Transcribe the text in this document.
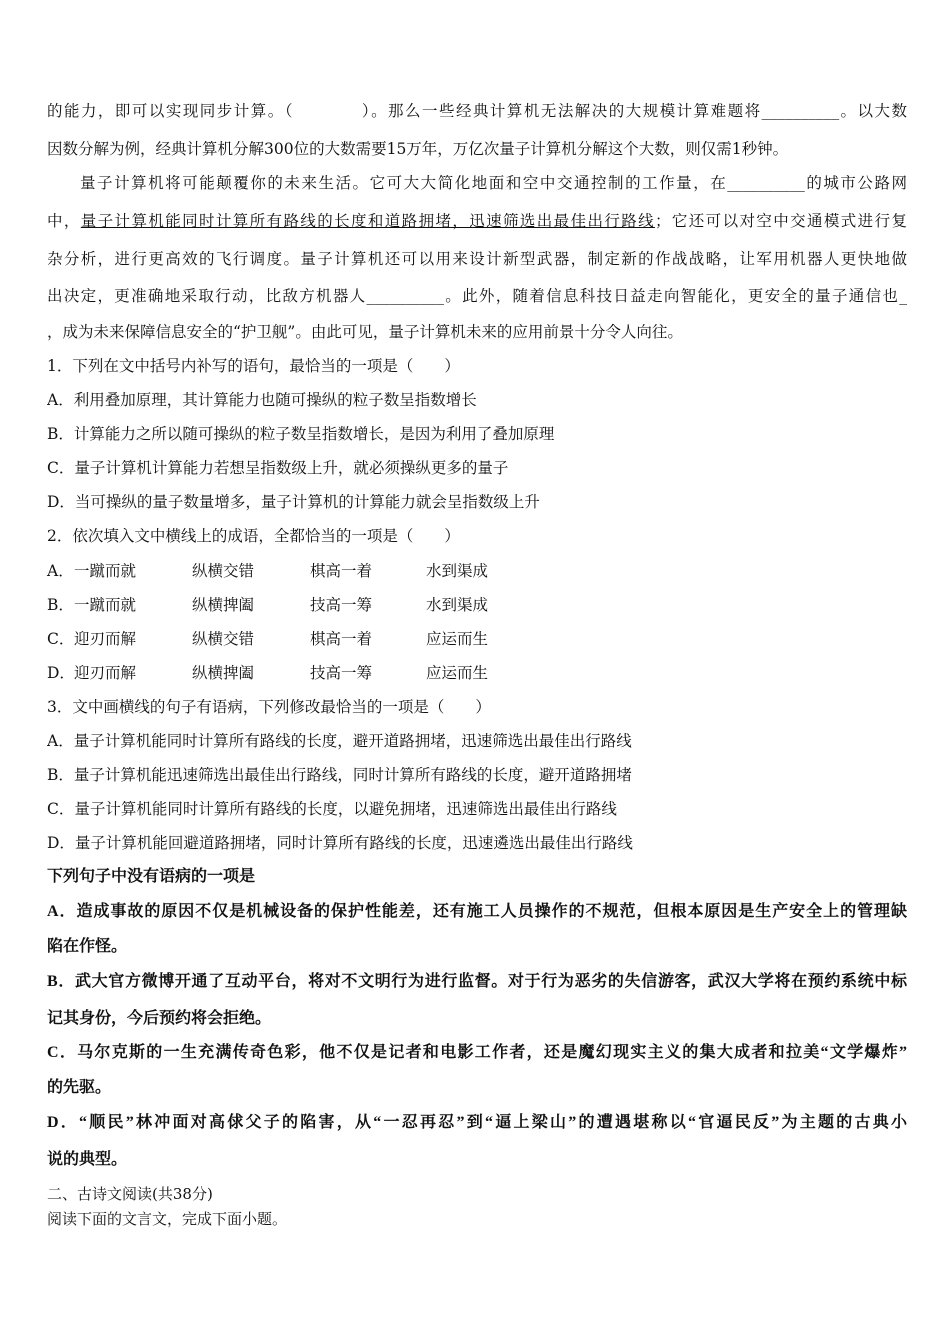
的能力，即可以实现同步计算。（　　　　）。那么一些经典计算机无法解决的大规模计算难题将__________。以大数
因数分解为例，经典计算机分解300位的大数需要15万年，万亿次量子计算机分解这个大数，则仅需1秒钟。
量子计算机将可能颠覆你的未来生活。它可大大简化地面和空中交通控制的工作量，在__________的城市公路网
中，量子计算机能同时计算所有路线的长度和道路拥堵，迅速筛选出最佳出行路线；它还可以对空中交通模式进行复
杂分析，进行更高效的飞行调度。量子计算机还可以用来设计新型武器，制定新的作战战略，让军用机器人更快地做
出决定，更准确地采取行动，比敌方机器人__________。此外，随着信息科技日益走向智能化，更安全的量子通信也_
，成为未来保障信息安全的“护卫舰”。由此可见，量子计算机未来的应用前景十分令人向往。
1．下列在文中括号内补写的语句，最恰当的一项是（　　）
A．利用叠加原理，其计算能力也随可操纵的粒子数呈指数增长
B．计算能力之所以随可操纵的粒子数呈指数增长，是因为利用了叠加原理
C．量子计算机计算能力若想呈指数级上升，就必须操纵更多的量子
D．当可操纵的量子数量增多，量子计算机的计算能力就会呈指数级上升
2．依次填入文中横线上的成语，全都恰当的一项是（　　）
A． 一蹴而就	纵横交错	棋高一着	水到渠成
B． 一蹴而就	纵横捭阖	技高一筹	水到渠成
C． 迎刃而解	纵横交错	棋高一着	应运而生
D． 迎刃而解	纵横捭阖	技高一筹	应运而生
3．文中画横线的句子有语病，下列修改最恰当的一项是（　　）
A．量子计算机能同时计算所有路线的长度，避开道路拥堵，迅速筛选出最佳出行路线
B．量子计算机能迅速筛选出最佳出行路线，同时计算所有路线的长度，避开道路拥堵
C．量子计算机能同时计算所有路线的长度，以避免拥堵，迅速筛选出最佳出行路线
D．量子计算机能回避道路拥堵，同时计算所有路线的长度，迅速遴选出最佳出行路线
下列句子中没有语病的一项是
A．造成事故的原因不仅是机械设备的保护性能差，还有施工人员操作的不规范，但根本原因是生产安全上的管理缺
陷在作怪。
B．武大官方微博开通了互动平台，将对不文明行为进行监督。对于行为恶劣的失信游客，武汉大学将在预约系统中标
记其身份，今后预约将会拒绝。
C．马尔克斯的一生充满传奇色彩，他不仅是记者和电影工作者，还是魔幻现实主义的集大成者和拉美“文学爆炸”
的先驱。
D．“顺民”林冲面对高俅父子的陷害，从“一忍再忍”到“逼上梁山”的遭遇堪称以“官逼民反”为主题的古典小
说的典型。
二、古诗文阅读(共38分)
阅读下面的文言文，完成下面小题。
